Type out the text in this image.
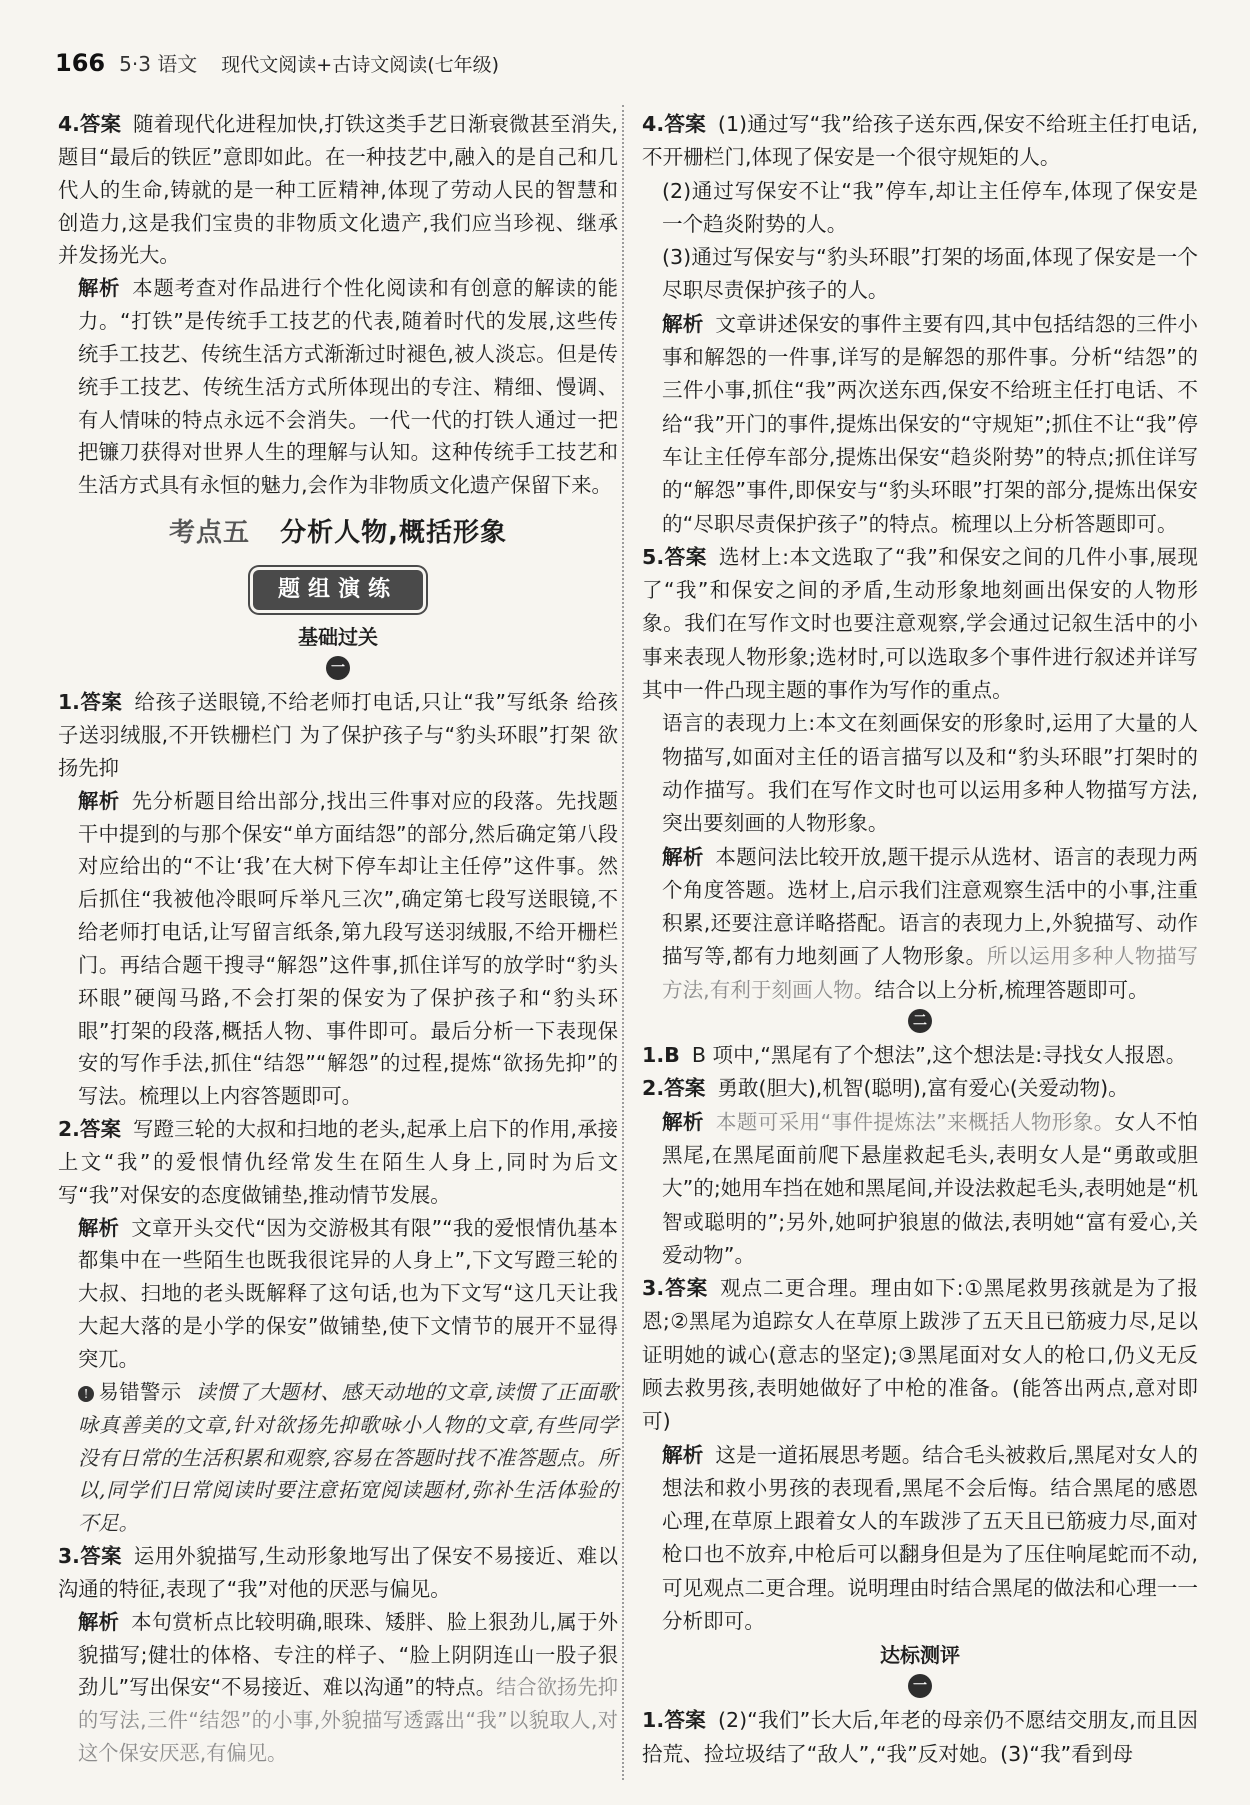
166 5·3 语文 现代文阅读+古诗文阅读(七年级)

4.答案 随着现代化进程加快,打铁这类手艺日渐衰微甚至消失,题目“最后的铁匠”意即如此。在一种技艺中,融入的是自己和几代人的生命,铸就的是一种工匠精神,体现了劳动人民的智慧和创造力,这是我们宝贵的非物质文化遗产,我们应当珍视、继承并发扬光大。

解析 本题考查对作品进行个性化阅读和有创意的解读的能力。“打铁”是传统手工技艺的代表,随着时代的发展,这些传统手工技艺、传统生活方式渐渐过时褪色,被人淡忘。但是传统手工技艺、传统生活方式所体现出的专注、精细、慢调、有人情味的特点永远不会消失。一代一代的打铁人通过一把把镰刀获得对世界人生的理解与认知。这种传统手工技艺和生活方式具有永恒的魅力,会作为非物质文化遗产保留下来。

考点五 分析人物,概括形象
题组演练
基础过关
一

1.答案 给孩子送眼镜,不给老师打电话,只让“我”写纸条 给孩子送羽绒服,不开铁栅栏门 为了保护孩子与“豹头环眼”打架 欲扬先抑

解析 先分析题目给出部分,找出三件事对应的段落。先找题干中提到的与那个保安“单方面结怨”的部分,然后确定第八段对应给出的“不让‘我’在大树下停车却让主任停”这件事。然后抓住“我被他冷眼呵斥举凡三次”,确定第七段写送眼镜,不给老师打电话,让写留言纸条,第九段写送羽绒服,不给开栅栏门。再结合题干搜寻“解怨”这件事,抓住详写的放学时“豹头环眼”硬闯马路,不会打架的保安为了保护孩子和“豹头环眼”打架的段落,概括人物、事件即可。最后分析一下表现保安的写作手法,抓住“结怨”“解怨”的过程,提炼“欲扬先抑”的写法。梳理以上内容答题即可。

2.答案 写蹬三轮的大叔和扫地的老头,起承上启下的作用,承接上文“我”的爱恨情仇经常发生在陌生人身上,同时为后文写“我”对保安的态度做铺垫,推动情节发展。

解析 文章开头交代“因为交游极其有限”“我的爱恨情仇基本都集中在一些陌生也既我很诧异的人身上”,下文写蹬三轮的大叔、扫地的老头既解释了这句话,也为下文写“这几天让我大起大落的是小学的保安”做铺垫,使下文情节的展开不显得突兀。

! 易错警示 读惯了大题材、感天动地的文章,读惯了正面歌咏真善美的文章,针对欲扬先抑歌咏小人物的文章,有些同学没有日常的生活积累和观察,容易在答题时找不准答题点。所以,同学们日常阅读时要注意拓宽阅读题材,弥补生活体验的不足。

3.答案 运用外貌描写,生动形象地写出了保安不易接近、难以沟通的特征,表现了“我”对他的厌恶与偏见。

解析 本句赏析点比较明确,眼珠、矮胖、脸上狠劲儿,属于外貌描写;健壮的体格、专注的样子、“脸上阴阴连山一股子狠劲儿”写出保安“不易接近、难以沟通”的特点。结合欲扬先抑的写法,三件“结怨”的小事,外貌描写透露出“我”以貌取人,对这个保安厌恶,有偏见。

4.答案 (1)通过写“我”给孩子送东西,保安不给班主任打电话,不开栅栏门,体现了保安是一个很守规矩的人。

(2)通过写保安不让“我”停车,却让主任停车,体现了保安是一个趋炎附势的人。

(3)通过写保安与“豹头环眼”打架的场面,体现了保安是一个尽职尽责保护孩子的人。

解析 文章讲述保安的事件主要有四,其中包括结怨的三件小事和解怨的一件事,详写的是解怨的那件事。分析“结怨”的三件小事,抓住“我”两次送东西,保安不给班主任打电话、不给“我”开门的事件,提炼出保安的“守规矩”;抓住不让“我”停车让主任停车部分,提炼出保安“趋炎附势”的特点;抓住详写的“解怨”事件,即保安与“豹头环眼”打架的部分,提炼出保安的“尽职尽责保护孩子”的特点。梳理以上分析答题即可。

5.答案 选材上:本文选取了“我”和保安之间的几件小事,展现了“我”和保安之间的矛盾,生动形象地刻画出保安的人物形象。我们在写作文时也要注意观察,学会通过记叙生活中的小事来表现人物形象;选材时,可以选取多个事件进行叙述并详写其中一件凸现主题的事作为写作的重点。

语言的表现力上:本文在刻画保安的形象时,运用了大量的人物描写,如面对主任的语言描写以及和“豹头环眼”打架时的动作描写。我们在写作文时也可以运用多种人物描写方法,突出要刻画的人物形象。

解析 本题问法比较开放,题干提示从选材、语言的表现力两个角度答题。选材上,启示我们注意观察生活中的小事,注重积累,还要注意详略搭配。语言的表现力上,外貌描写、动作描写等,都有力地刻画了人物形象。所以运用多种人物描写方法,有利于刻画人物。结合以上分析,梳理答题即可。

二

1.B B 项中,“黑尾有了个想法”,这个想法是:寻找女人报恩。

2.答案 勇敢(胆大),机智(聪明),富有爱心(关爱动物)。

解析 本题可采用“事件提炼法”来概括人物形象。女人不怕黑尾,在黑尾面前爬下悬崖救起毛头,表明女人是“勇敢或胆大”的;她用车挡在她和黑尾间,并设法救起毛头,表明她是“机智或聪明的”;另外,她呵护狼崽的做法,表明她“富有爱心,关爱动物”。

3.答案 观点二更合理。理由如下:①黑尾救男孩就是为了报恩;②黑尾为追踪女人在草原上跋涉了五天且已筋疲力尽,足以证明她的诚心(意志的坚定);③黑尾面对女人的枪口,仍义无反顾去救男孩,表明她做好了中枪的准备。(能答出两点,意对即可)

解析 这是一道拓展思考题。结合毛头被救后,黑尾对女人的想法和救小男孩的表现看,黑尾不会后悔。结合黑尾的感恩心理,在草原上跟着女人的车跋涉了五天且已筋疲力尽,面对枪口也不放弃,中枪后可以翻身但是为了压住响尾蛇而不动,可见观点二更合理。说明理由时结合黑尾的做法和心理一一分析即可。

达标测评
一

1.答案 (2)“我们”长大后,年老的母亲仍不愿结交朋友,而且因拾荒、捡垃圾结了“敌人”,“我”反对她。(3)“我”看到母
